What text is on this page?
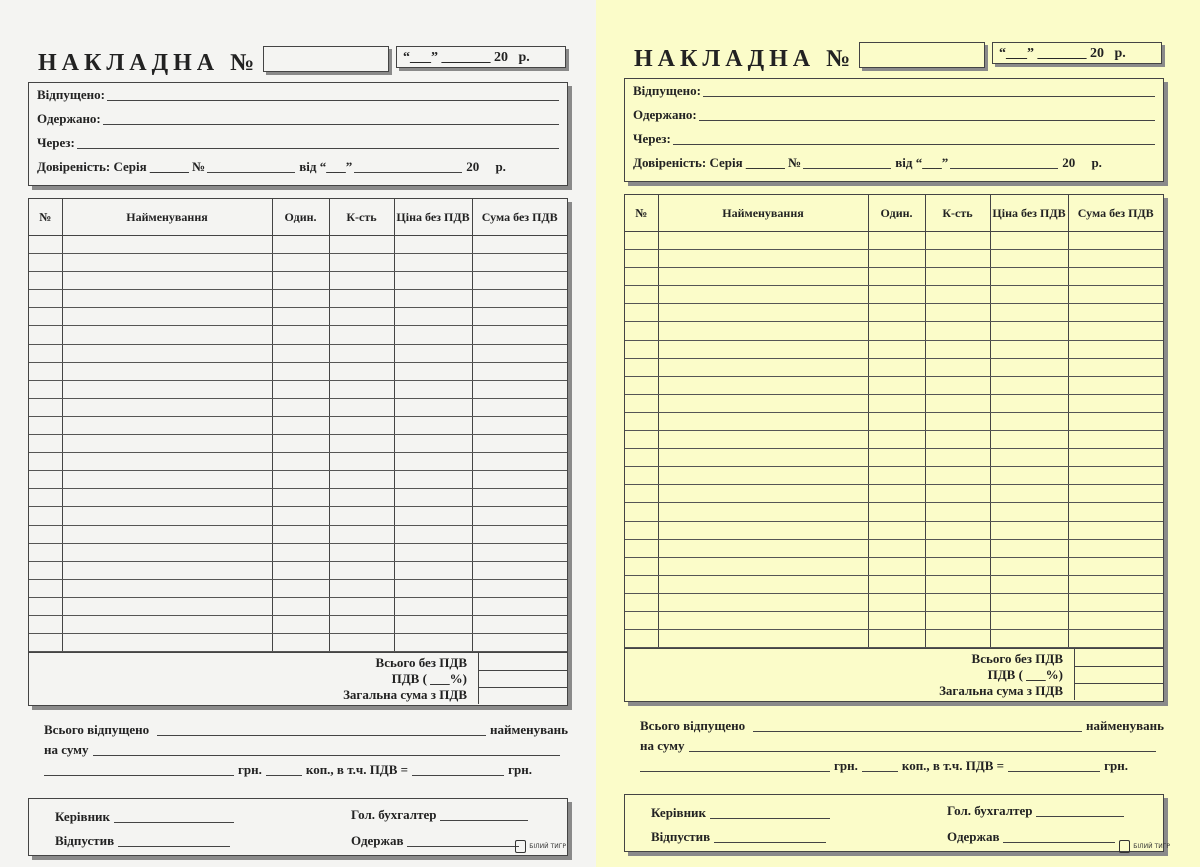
НАКЛАДНА №	“___” _______ 20   р.
Відпущено:
Одержано:
Через:
Довіреність: Серія ______ №	від “___”	20     р.
№	Найменування	Один.	К-сть	Ціна без ПДВ	Сума без ПДВ

Всього без ПДВ
ПДВ ( ___%)
Загальна сума з ПДВ
Всього відпущено	найменувань
на суму
грн.	коп., в т.ч. ПДВ =	грн.
Керівник	Гол. бухгалтер
Відпустив	Одержав	БІЛИЙ ТИГР
НАКЛАДНА №	“___” _______ 20   р.
Відпущено:
Одержано:
Через:
Довіреність: Серія ______ №	від “___”	20     р.
№	Найменування	Один.	К-сть	Ціна без ПДВ	Сума без ПДВ

Всього без ПДВ
ПДВ ( ___%)
Загальна сума з ПДВ
Всього відпущено	найменувань
на суму
грн.	коп., в т.ч. ПДВ =	грн.
Керівник	Гол. бухгалтер
Відпустив	Одержав
БІЛИЙ ТИГР
